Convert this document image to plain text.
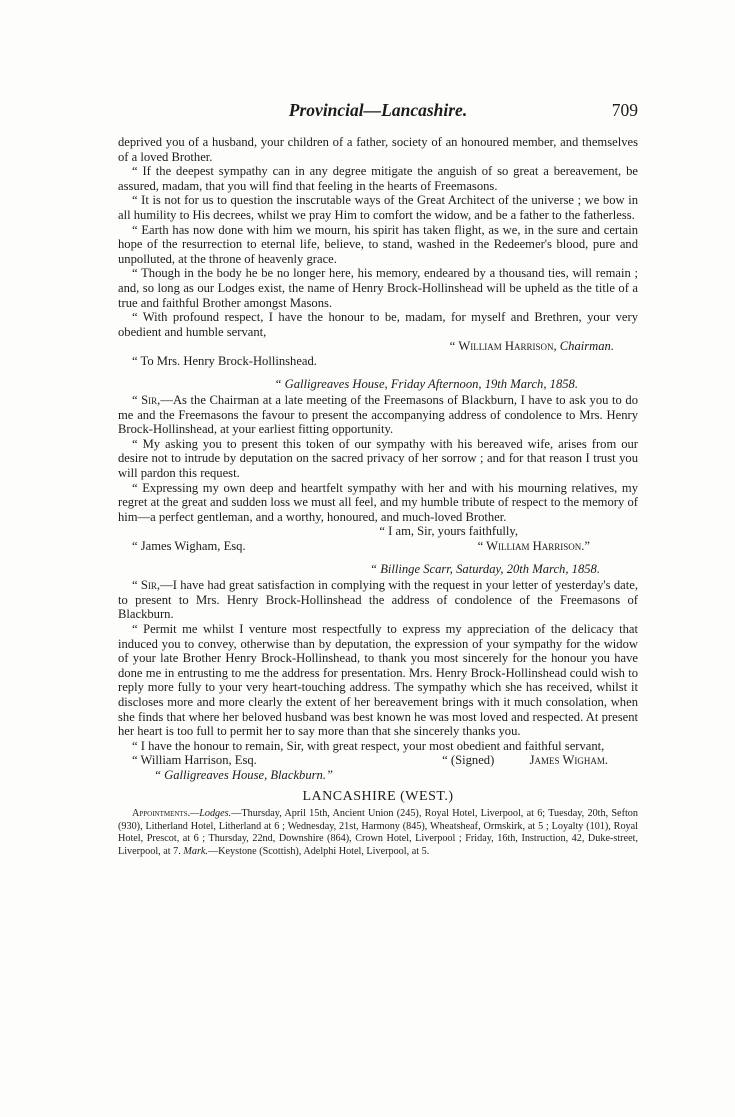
Provincial—Lancashire.	709

deprived you of a husband, your children of a father, society of an honoured member, and themselves of a loved Brother.

“ If the deepest sympathy can in any degree mitigate the anguish of so great a bereavement, be assured, madam, that you will find that feeling in the hearts of Freemasons.

“ It is not for us to question the inscrutable ways of the Great Architect of the universe ; we bow in all humility to His decrees, whilst we pray Him to comfort the widow, and be a father to the fatherless.

“ Earth has now done with him we mourn, his spirit has taken flight, as we, in the sure and certain hope of the resurrection to eternal life, believe, to stand, washed in the Redeemer's blood, pure and unpolluted, at the throne of heavenly grace.

“ Though in the body he be no longer here, his memory, endeared by a thousand ties, will remain ; and, so long as our Lodges exist, the name of Henry Brock-Hollinshead will be upheld as the title of a true and faithful Brother amongst Masons.

“ With profound respect, I have the honour to be, madam, for myself and Brethren, your very obedient and humble servant,

“ William Harrison, Chairman.

“ To Mrs. Henry Brock-Hollinshead.

“ Galligreaves House, Friday Afternoon, 19th March, 1858.

“ Sir,—As the Chairman at a late meeting of the Freemasons of Blackburn, I have to ask you to do me and the Freemasons the favour to present the accompanying address of condolence to Mrs. Henry Brock-Hollinshead, at your earliest fitting opportunity.

“ My asking you to present this token of our sympathy with his bereaved wife, arises from our desire not to intrude by deputation on the sacred privacy of her sorrow ; and for that reason I trust you will pardon this request.

“ Expressing my own deep and heartfelt sympathy with her and with his mourning relatives, my regret at the great and sudden loss we must all feel, and my humble tribute of respect to the memory of him—a perfect gentleman, and a worthy, honoured, and much-loved Brother.

“ I am, Sir, yours faithfully,

“ James Wigham, Esq.	“ William Harrison.”

“ Billinge Scarr, Saturday, 20th March, 1858.

“ Sir,—I have had great satisfaction in complying with the request in your letter of yesterday's date, to present to Mrs. Henry Brock-Hollinshead the address of condolence of the Freemasons of Blackburn.

“ Permit me whilst I venture most respectfully to express my appreciation of the delicacy that induced you to convey, otherwise than by deputation, the expression of your sympathy for the widow of your late Brother Henry Brock-Hollinshead, to thank you most sincerely for the honour you have done me in entrusting to me the address for presentation. Mrs. Henry Brock-Hollinshead could wish to reply more fully to your very heart-touching address. The sympathy which she has received, whilst it discloses more and more clearly the extent of her bereavement brings with it much consolation, when she finds that where her beloved husband was best known he was most loved and respected. At present her heart is too full to permit her to say more than that she sincerely thanks you.

“ I have the honour to remain, Sir, with great respect, your most obedient and faithful servant,

“ William Harrison, Esq.	“ (Signed)	James Wigham.

“ Galligreaves House, Blackburn.”

LANCASHIRE (WEST.)

Appointments.—Lodges.—Thursday, April 15th, Ancient Union (245), Royal Hotel, Liverpool, at 6; Tuesday, 20th, Sefton (930), Litherland Hotel, Litherland at 6 ; Wednesday, 21st, Harmony (845), Wheatsheaf, Ormskirk, at 5 ; Loyalty (101), Royal Hotel, Prescot, at 6 ; Thursday, 22nd, Downshire (864), Crown Hotel, Liverpool ; Friday, 16th, Instruction, 42, Duke-street, Liverpool, at 7. Mark.—Keystone (Scottish), Adelphi Hotel, Liverpool, at 5.
